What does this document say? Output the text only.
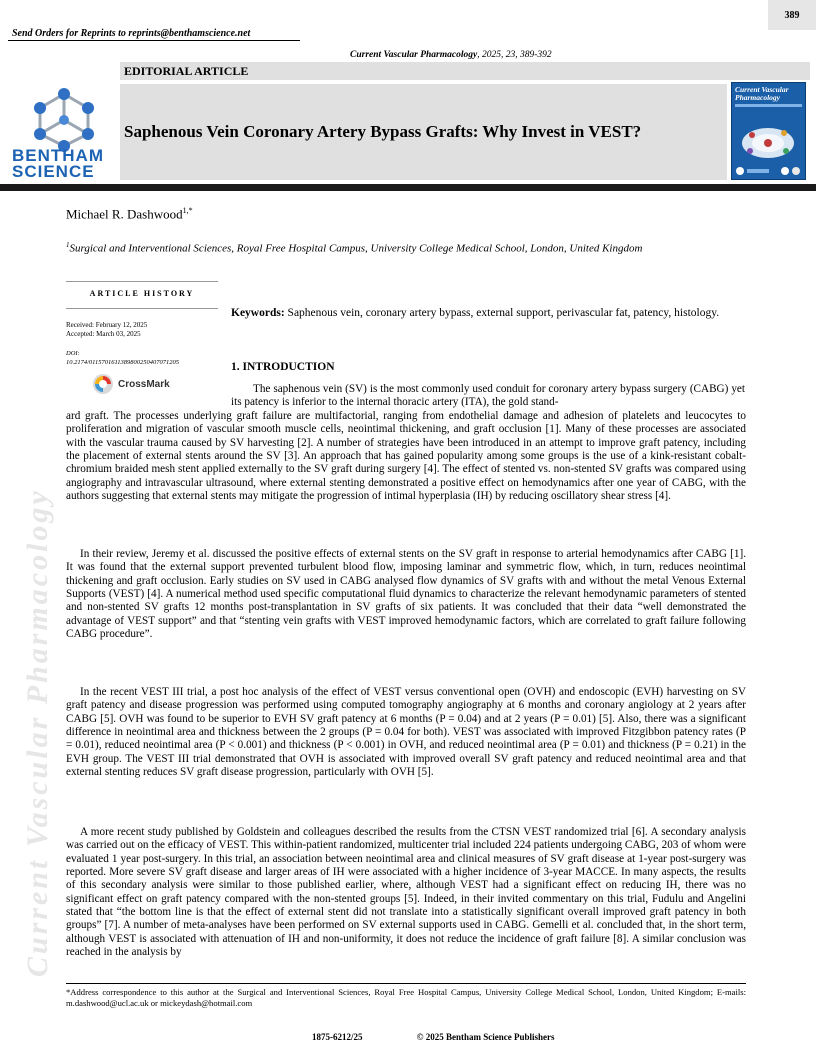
389
Send Orders for Reprints to reprints@benthamscience.net
Current Vascular Pharmacology, 2025, 23, 389-392
EDITORIAL ARTICLE
Saphenous Vein Coronary Artery Bypass Grafts: Why Invest in VEST?
BENTHAM
SCIENCE
Current Vascular Pharmacology
Michael R. Dashwood$^{1,*}$
$^1$Surgical and Interventional Sciences, Royal Free Hospital Campus, University College Medical School, London, United Kingdom
ARTICLE HISTORY
Received: February 12, 2025
Accepted: March 03, 2025
DOI:
10.2174/0115701611389800250407071205
CrossMark
Keywords: Saphenous vein, coronary artery bypass, external support, perivascular fat, patency, histology.
1. INTRODUCTION
The saphenous vein (SV) is the most commonly used conduit for coronary artery bypass surgery (CABG) yet its patency is inferior to the internal thoracic artery (ITA), the gold stand-
ard graft. The processes underlying graft failure are multifactorial, ranging from endothelial damage and adhesion of platelets and leucocytes to proliferation and migration of vascular smooth muscle cells, neointimal thickening, and graft occlusion [1]. Many of these processes are associated with the vascular trauma caused by SV harvesting [2]. A number of strategies have been introduced in an attempt to improve graft patency, including the placement of external stents around the SV [3]. An approach that has gained popularity among some groups is the use of a kink-resistant cobalt-chromium braided mesh stent applied externally to the SV graft during surgery [4]. The effect of stented vs. non-stented SV grafts was compared using angiography and intravascular ultrasound, where external stenting demonstrated a positive effect on hemodynamics after one year of CABG, with the authors suggesting that external stents may mitigate the progression of intimal hyperplasia (IH) by reducing oscillatory shear stress [4].
In their review, Jeremy et al. discussed the positive effects of external stents on the SV graft in response to arterial hemodynamics after CABG [1]. It was found that the external support prevented turbulent blood flow, imposing laminar and symmetric flow, which, in turn, reduces neointimal thickening and graft occlusion. Early studies on SV used in CABG analysed flow dynamics of SV grafts with and without the metal Venous External Supports (VEST) [4]. A numerical method used specific computational fluid dynamics to characterize the relevant hemodynamic parameters of stented and non-stented SV grafts 12 months post-transplantation in SV grafts of six patients. It was concluded that their data “well demonstrated the advantage of VEST support” and that “stenting vein grafts with VEST improved hemodynamic factors, which are correlated to graft failure following CABG procedure”.
In the recent VEST III trial, a post hoc analysis of the effect of VEST versus conventional open (OVH) and endoscopic (EVH) harvesting on SV graft patency and disease progression was performed using computed tomography angiography at 6 months and coronary angiology at 2 years after CABG [5]. OVH was found to be superior to EVH SV graft patency at 6 months (P = 0.04) and at 2 years (P = 0.01) [5]. Also, there was a significant difference in neointimal area and thickness between the 2 groups (P = 0.04 for both). VEST was associated with improved Fitzgibbon patency rates (P = 0.01), reduced neointimal area (P < 0.001) and thickness (P < 0.001) in OVH, and reduced neointimal area (P = 0.01) and thickness (P = 0.21) in the EVH group. The VEST III trial demonstrated that OVH is associated with improved overall SV graft patency and reduced neointimal area and that external stenting reduces SV graft disease progression, particularly with OVH [5].
A more recent study published by Goldstein and colleagues described the results from the CTSN VEST randomized trial [6]. A secondary analysis was carried out on the efficacy of VEST. This within-patient randomized, multicenter trial included 224 patients undergoing CABG, 203 of whom were evaluated 1 year post-surgery. In this trial, an association between neointimal area and clinical measures of SV graft disease at 1-year post-surgery was reported. More severe SV graft disease and larger areas of IH were associated with a higher incidence of 3-year MACCE. In many aspects, the results of this secondary analysis were similar to those published earlier, where, although VEST had a significant effect on reducing IH, there was no significant effect on graft patency compared with the non-stented groups [5]. Indeed, in their invited commentary on this trial, Fudulu and Angelini stated that “the bottom line is that the effect of external stent did not translate into a statistically significant overall improved graft patency in both groups” [7]. A number of meta-analyses have been performed on SV external supports used in CABG. Gemelli et al. concluded that, in the short term, although VEST is associated with attenuation of IH and non-uniformity, it does not reduce the incidence of graft failure [8]. A similar conclusion was reached in the analysis by
*Address correspondence to this author at the Surgical and Interventional Sciences, Royal Free Hospital Campus, University College Medical School, London, United Kingdom; E-mails: m.dashwood@ucl.ac.uk or mickeydash@hotmail.com
1875-6212/25	© 2025 Bentham Science Publishers
Current Vascular Pharmacology
